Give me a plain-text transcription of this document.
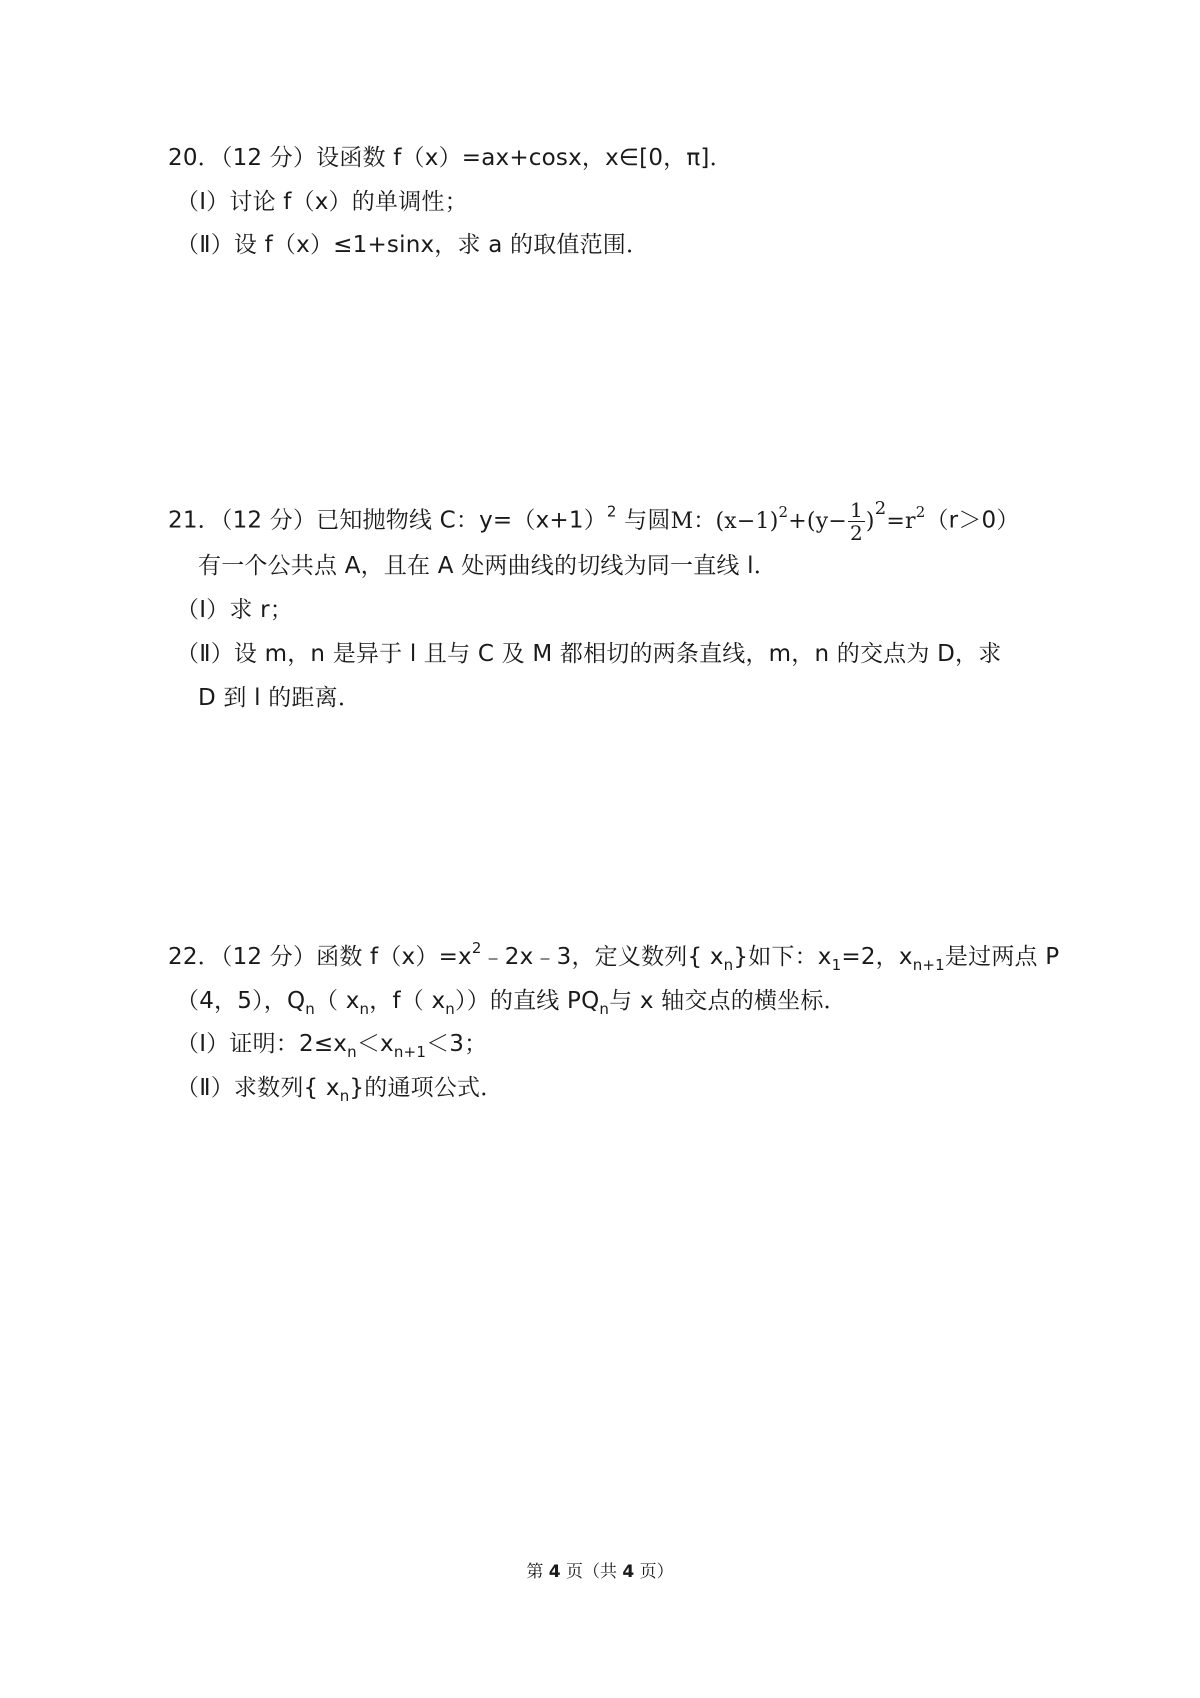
20．（12 分）设函数 f（x）=ax+cosx，x∈[0，π]．
（Ⅰ）讨论 f（x）的单调性；
（Ⅱ）设 f（x）≤1+sinx，求 a 的取值范围．
21．（12 分）已知抛物线 C：$y=(x+1)^2$ 与圆M：$(x-1)^2+(y- \frac{1}{2} )^2=r^2(r>0)$
有一个公共点 A，且在 A 处两曲线的切线为同一直线 l．
（Ⅰ）求 r；
（Ⅱ）设 m，n 是异于 l 且与 C 及 M 都相切的两条直线，m，n 的交点为 D，求
D 到 l 的距离．
22．（12 分）函数 $f(x)=x^2﹣2x﹣3$，定义数列{ $x_n$}如下：$x_1=2$，$x_{n+1}$是过两点 P
（4，5），$Q_n$（ $x_n$，f（ $x_n$））的直线 $PQ_n$与 x 轴交点的横坐标．
（Ⅰ）证明：$2\le x_n<x_{n+1}<3$；
（Ⅱ）求数列{ $x_n$}的通项公式．
第 4 页（共 4 页）
